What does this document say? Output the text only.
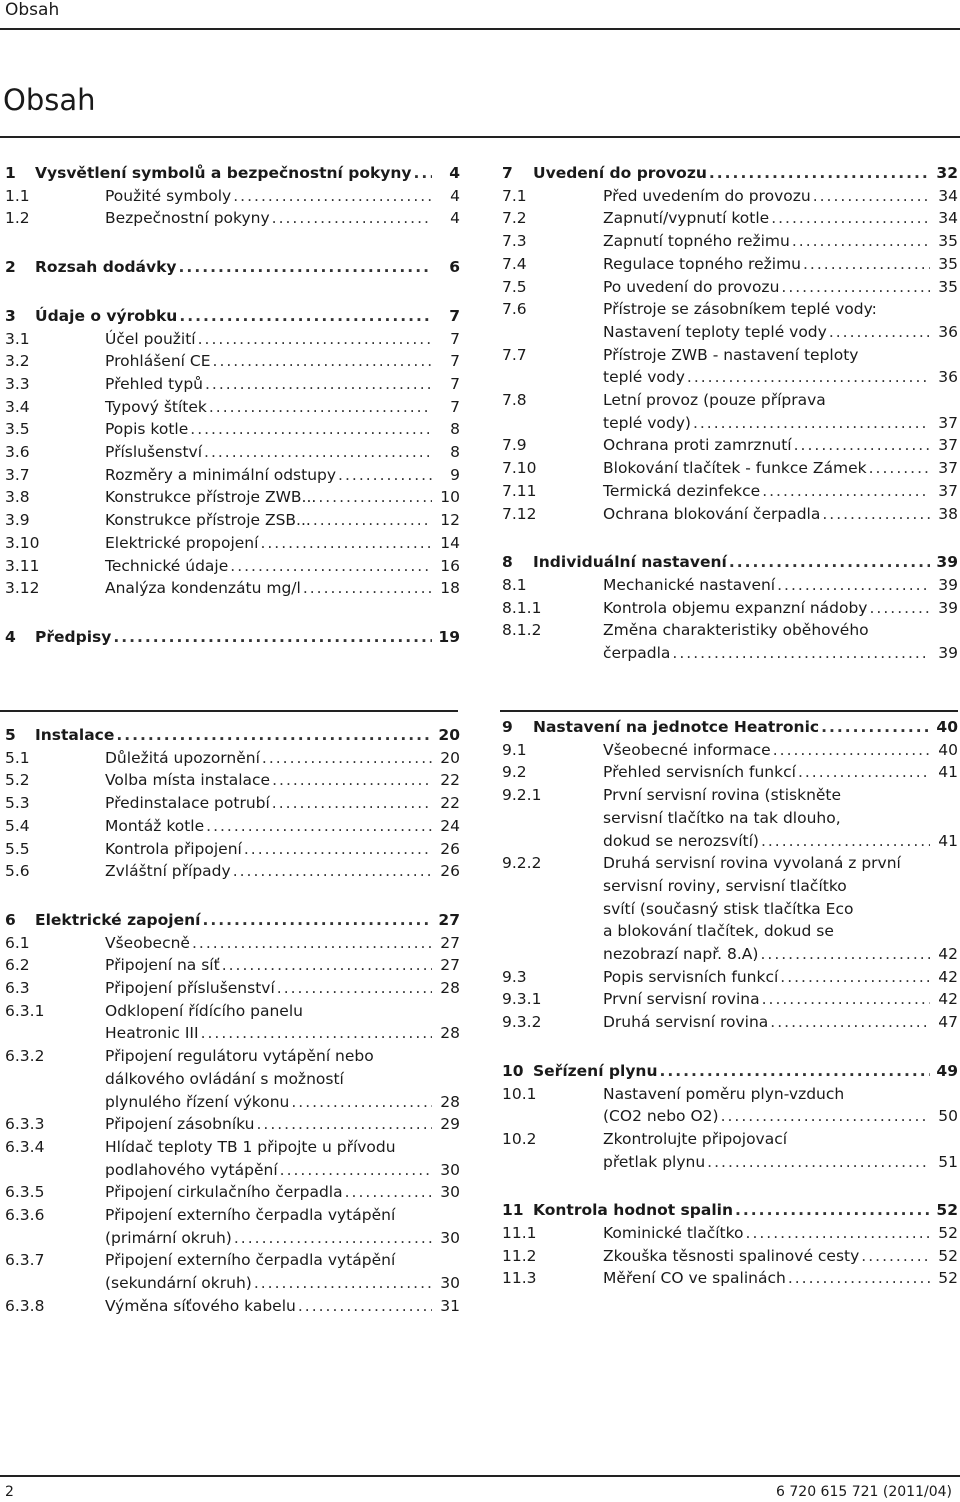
Obsah
Obsah
1 Vysvětlení symbolů a bezpečnostní pokyny .....	4
1.1	Použité symboly .....	4
1.2	Bezpečnostní pokyny .....	4
2 Rozsah dodávky .....	6
3 Údaje o výrobku .....	7
3.1	Účel použití .....	7
3.2	Prohlášení CE .....	7
3.3	Přehled typů .....	7
3.4	Typový štítek .....	7
3.5	Popis kotle .....	8
3.6	Příslušenství .....	8
3.7	Rozměry a minimální odstupy .....	9
3.8	Konstrukce přístroje ZWB... .....	10
3.9	Konstrukce přístroje ZSB... .....	12
3.10	Elektrické propojení .....	14
3.11	Technické údaje .....	16
3.12	Analýza kondenzátu mg/l .....	18
4 Předpisy .....	19
7 Uvedení do provozu .....	32
7.1	Před uvedením do provozu .....	34
7.2	Zapnutí/vypnutí kotle .....	34
7.3	Zapnutí topného režimu .....	35
7.4	Regulace topného režimu .....	35
7.5	Po uvedení do provozu .....	35
7.6	Přístroje se zásobníkem teplé vody:
Nastavení teploty teplé vody .....	36
7.7	Přístroje ZWB - nastavení teploty
teplé vody .....	36
7.8	Letní provoz (pouze příprava
teplé vody) .....	37
7.9	Ochrana proti zamrznutí .....	37
7.10	Blokování tlačítek - funkce Zámek .....	37
7.11	Termická dezinfekce .....	37
7.12	Ochrana blokování čerpadla .....	38
8 Individuální nastavení .....	39
8.1	Mechanické nastavení .....	39
8.1.1	Kontrola objemu expanzní nádoby .....	39
8.1.2	Změna charakteristiky oběhového
čerpadla .....	39
5 Instalace .....	20
5.1	Důležitá upozornění .....	20
5.2	Volba místa instalace .....	22
5.3	Předinstalace potrubí .....	22
5.4	Montáž kotle .....	24
5.5	Kontrola připojení .....	26
5.6	Zvláštní případy .....	26
6 Elektrické zapojení .....	27
6.1	Všeobecně .....	27
6.2	Připojení na síť .....	27
6.3	Připojení příslušenství .....	28
6.3.1	Odklopení řídícího panelu
Heatronic III .....	28
6.3.2	Připojení regulátoru vytápění nebo
dálkového ovládání s možností
plynulého řízení výkonu .....	28
6.3.3	Připojení zásobníku .....	29
6.3.4	Hlídač teploty TB 1 připojte u přívodu
podlahového vytápění .....	30
6.3.5	Připojení cirkulačního čerpadla .....	30
6.3.6	Připojení externího čerpadla vytápění
(primární okruh) .....	30
6.3.7	Připojení externího čerpadla vytápění
(sekundární okruh) .....	30
6.3.8	Výměna síťového kabelu .....	31
9 Nastavení na jednotce Heatronic .....	40
9.1	Všeobecné informace .....	40
9.2	Přehled servisních funkcí .....	41
9.2.1	První servisní rovina (stiskněte
servisní tlačítko na tak dlouho,
dokud se nerozsvítí) .....	41
9.2.2	Druhá servisní rovina vyvolaná z první
servisní roviny, servisní tlačítko
svítí (současný stisk tlačítka Eco
a blokování tlačítek, dokud se
nezobrazí např. 8.A) .....	42
9.3	Popis servisních funkcí .....	42
9.3.1	První servisní rovina .....	42
9.3.2	Druhá servisní rovina .....	47
10 Seřízení plynu .....	49
10.1	Nastavení poměru plyn-vzduch
(CO2 nebo O2) .....	50
10.2	Zkontrolujte připojovací
přetlak plynu .....	51
11 Kontrola hodnot spalin .....	52
11.1	Kominické tlačítko .....	52
11.2	Zkouška těsnosti spalinové cesty .....	52
11.3	Měření CO ve spalinách .....	52
2	6 720 615 721 (2011/04)
